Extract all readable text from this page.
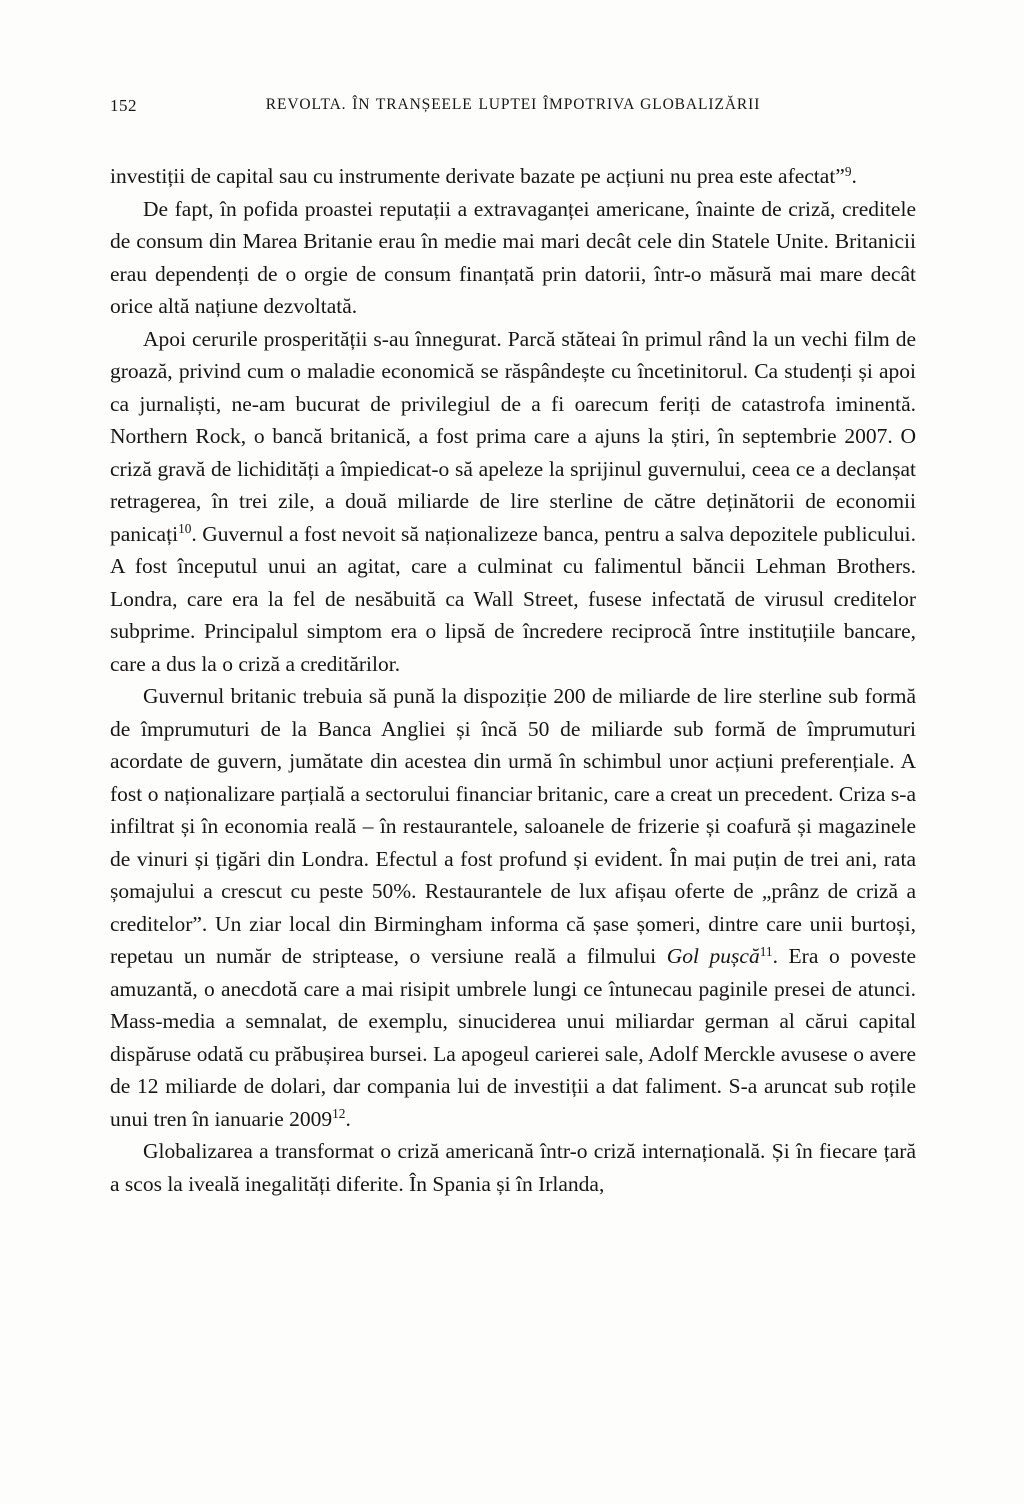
152	REVOLTA. ÎN TRANȘEELE LUPTEI ÎMPOTRIVA GLOBALIZĂRII

investiții de capital sau cu instrumente derivate bazate pe acțiuni nu prea este afectat”$^9$.

De fapt, în pofida proastei reputații a extravaganței americane, înainte de criză, creditele de consum din Marea Britanie erau în medie mai mari decât cele din Statele Unite. Britanicii erau dependenți de o orgie de consum finanțată prin datorii, într-o măsură mai mare decât orice altă națiune dezvoltată.

Apoi cerurile prosperității s-au înnegurat. Parcă stăteai în primul rând la un vechi film de groază, privind cum o maladie economică se răspândește cu încetinitorul. Ca studenți și apoi ca jurnaliști, ne-am bucurat de privilegiul de a fi oarecum feriți de catastrofa iminentă. Northern Rock, o bancă britanică, a fost prima care a ajuns la știri, în septembrie 2007. O criză gravă de lichidități a împiedicat-o să apeleze la sprijinul guvernului, ceea ce a declanșat retragerea, în trei zile, a două miliarde de lire sterline de către deținătorii de economii panicați$^{10}$. Guvernul a fost nevoit să naționalizeze banca, pentru a salva depozitele publicului. A fost începutul unui an agitat, care a culminat cu falimentul băncii Lehman Brothers. Londra, care era la fel de nesăbuită ca Wall Street, fusese infectată de virusul creditelor subprime. Principalul simptom era o lipsă de încredere reciprocă între instituțiile bancare, care a dus la o criză a creditărilor.

Guvernul britanic trebuia să pună la dispoziție 200 de miliarde de lire sterline sub formă de împrumuturi de la Banca Angliei și încă 50 de miliarde sub formă de împrumuturi acordate de guvern, jumătate din acestea din urmă în schimbul unor acțiuni preferențiale. A fost o naționalizare parțială a sectorului financiar britanic, care a creat un precedent. Criza s-a infiltrat și în economia reală – în restaurantele, saloanele de frizerie și coafură și magazinele de vinuri și țigări din Londra. Efectul a fost profund și evident. În mai puțin de trei ani, rata șomajului a crescut cu peste 50%. Restaurantele de lux afișau oferte de „prânz de criză a creditelor”. Un ziar local din Birmingham informa că șase șomeri, dintre care unii burtoși, repetau un număr de striptease, o versiune reală a filmului Gol pușcă$^{11}$. Era o poveste amuzantă, o anecdotă care a mai risipit umbrele lungi ce întunecau paginile presei de atunci. Mass-media a semnalat, de exemplu, sinuciderea unui miliardar german al cărui capital dispăruse odată cu prăbușirea bursei. La apogeul carierei sale, Adolf Merckle avusese o avere de 12 miliarde de dolari, dar compania lui de investiții a dat faliment. S-a aruncat sub roțile unui tren în ianuarie 2009$^{12}$.

Globalizarea a transformat o criză americană într-o criză internațională. Și în fiecare țară a scos la iveală inegalități diferite. În Spania și în Irlanda,
